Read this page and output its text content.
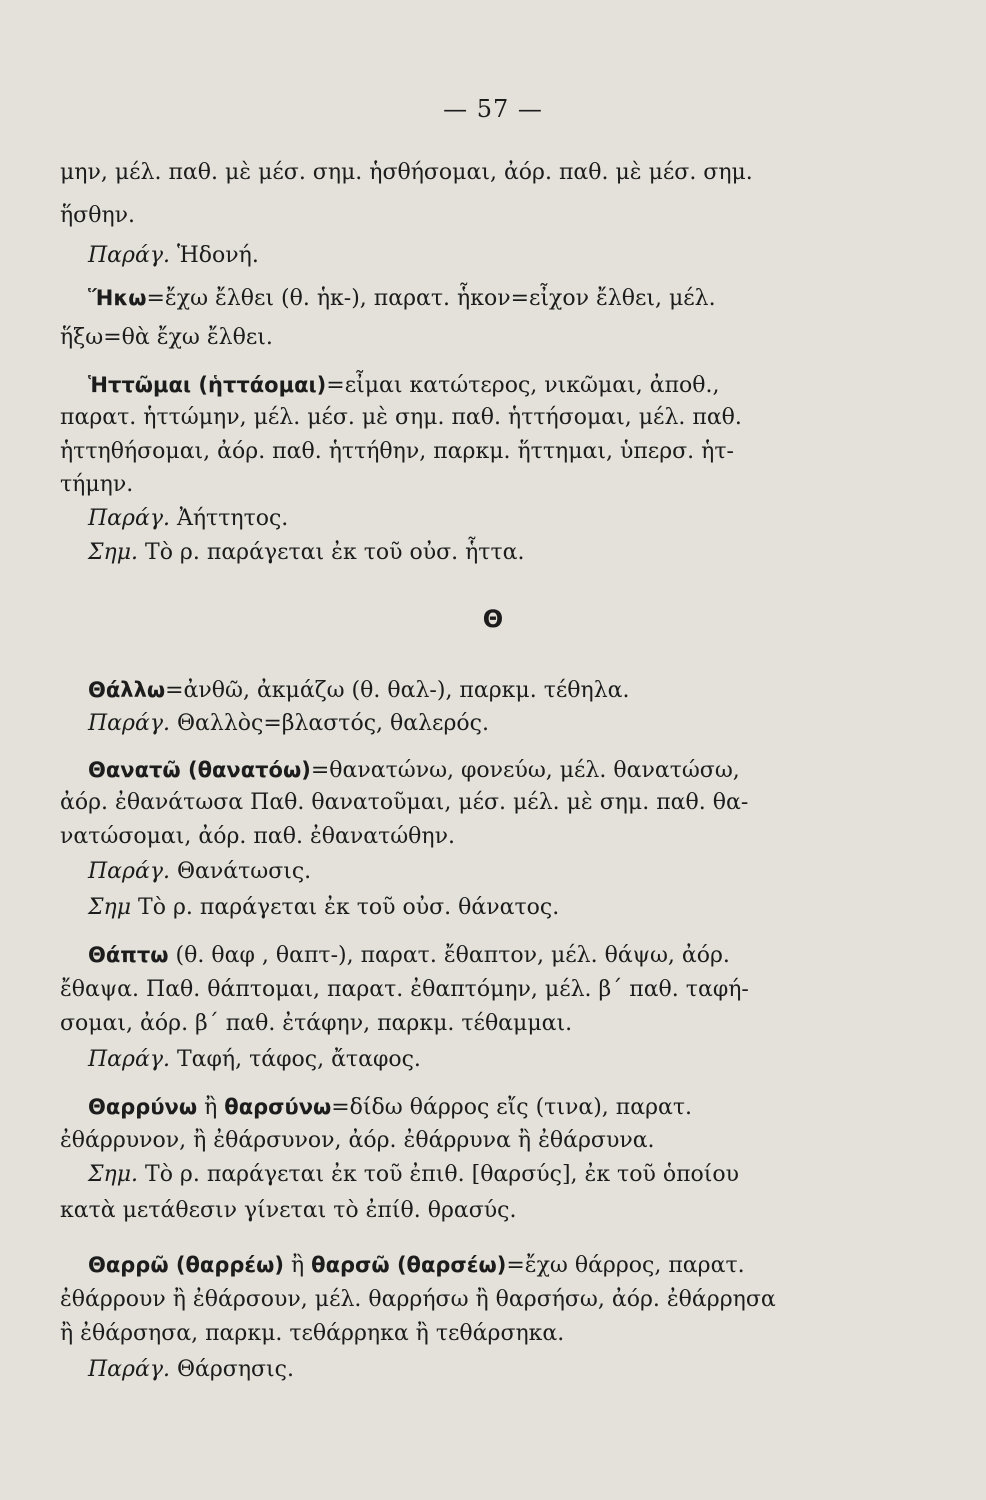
— 57 —
μην, μέλ. παθ. μὲ μέσ. σημ. ἡσθήσομαι, ἀόρ. παθ. μὲ μέσ. σημ.
ἥσθην.
Παράγ. Ἡδονή.
Ἥκω=ἔχω ἔλθει (θ. ἡκ-), παρατ. ἧκον=εἶχον ἔλθει, μέλ.
ἥξω=θὰ ἔχω ἔλθει.
Ἡττῶμαι (ἡττάομαι)=εἶμαι κατώτερος, νικῶμαι, ἀποθ.,
παρατ. ἡττώμην, μέλ. μέσ. μὲ σημ. παθ. ἡττήσομαι, μέλ. παθ.
ἡττηθήσομαι, ἀόρ. παθ. ἡττήθην, παρκμ. ἥττημαι, ὑπερσ. ἡτ-
τήμην.
Παράγ. Ἀήττητος.
Σημ. Τὸ ρ. παράγεται ἐκ τοῦ οὐσ. ἧττα.
Θ
Θάλλω=ἀνθῶ, ἀκμάζω (θ. θαλ-), παρκμ. τέθηλα.
Παράγ. Θαλλὸς=βλαστός, θαλερός.
Θανατῶ (θανατόω)=θανατώνω, φονεύω, μέλ. θανατώσω,
ἀόρ. ἐθανάτωσα Παθ. θανατοῦμαι, μέσ. μέλ. μὲ σημ. παθ. θα-
νατώσομαι, ἀόρ. παθ. ἐθανατώθην.
Παράγ. Θανάτωσις.
Σημ Τὸ ρ. παράγεται ἐκ τοῦ οὐσ. θάνατος.
Θάπτω (θ. θαφ , θαπτ-), παρατ. ἔθαπτον, μέλ. θάψω, ἀόρ.
ἔθαψα. Παθ. θάπτομαι, παρατ. ἐθαπτόμην, μέλ. β΄ παθ. ταφή-
σομαι, ἀόρ. β΄ παθ. ἐτάφην, παρκμ. τέθαμμαι.
Παράγ. Ταφή, τάφος, ἄταφος.
Θαρρύνω ἢ θαρσύνω=δίδω θάρρος εἴς (τινα), παρατ.
ἐθάρρυνον, ἢ ἐθάρσυνον, ἀόρ. ἐθάρρυνα ἢ ἐθάρσυνα.
Σημ. Τὸ ρ. παράγεται ἐκ τοῦ ἐπιθ. [θαρσύς], ἐκ τοῦ ὁποίου
κατὰ μετάθεσιν γίνεται τὸ ἐπίθ. θρασύς.
Θαρρῶ (θαρρέω) ἢ θαρσῶ (θαρσέω)=ἔχω θάρρος, παρατ.
ἐθάρρουν ἢ ἐθάρσουν, μέλ. θαρρήσω ἢ θαρσήσω, ἀόρ. ἐθάρρησα
ἢ ἐθάρσησα, παρκμ. τεθάρρηκα ἢ τεθάρσηκα.
Παράγ. Θάρσησις.
